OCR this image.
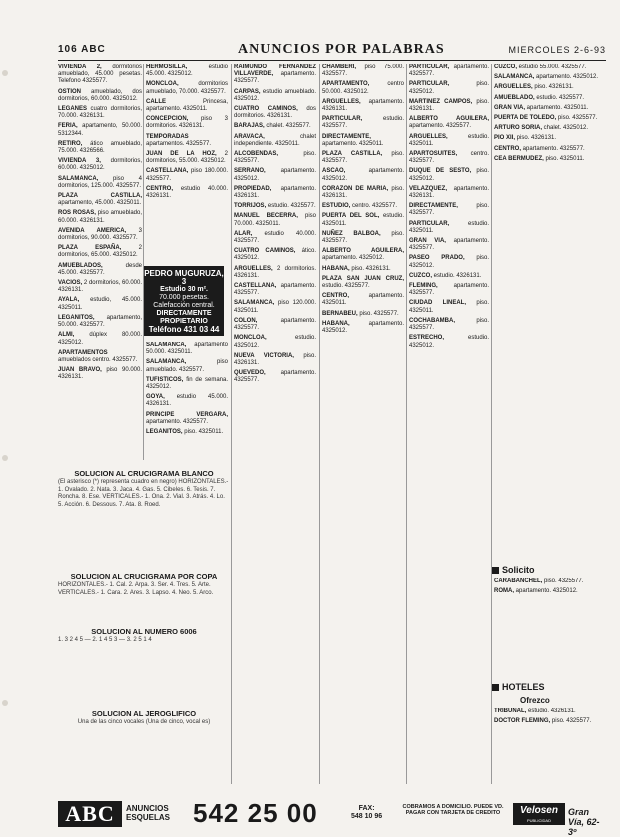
106 ABC	ANUNCIOS POR PALABRAS	MIERCOLES 2-6-93
VIVIENDA 2, dormitorios amueblado, 45.000 pesetas. Telefono 4325577.
OSTION amueblado, dos dormitorios, 60.000. 4325012.
LEGANES cuatro dormitorios, 70.000. 4326131.
FERIA, apartamento, 50.000. 5312344.
RETIRO, ático amueblado, 75.000. 4326566.
VIVIENDA 3, dormitorios, 60.000. 4325012.
SALAMANCA, piso 4 dormitorios, 125.000. 4325577.
PLAZA CASTILLA, apartamento, 45.000. 4325011.
ROS ROSAS, piso amueblado, 60.000. 4326131.
AVENIDA AMERICA, 3 dormitorios, 90.000. 4325577.
PLAZA ESPAÑA, 2 dormitorios, 65.000. 4325012.
AMUEBLADOS, desde 45.000. 4325577.
VACIOS, 2 dormitorios, 60.000. 4326131.
AYALA, estudio, 45.000. 4325011.
LEGANITOS, apartamento, 50.000. 4325577.
ALMI, dúplex 80.000. 4325012.
APARTAMENTOS amueblados centro. 4325577.
JUAN BRAVO, piso 90.000. 4326131.
HERMOSILLA, estudio 45.000. 4325012.
MONCLOA, dormitorios amueblado, 70.000. 4325577.
CALLE Princesa, apartamento. 4325011.
CONCEPCION, piso 3 dormitorios. 4326131.
TEMPORADAS apartamentos. 4325577.
JUAN DE LA HOZ, 2 dormitorios, 55.000. 4325012.
CASTELLANA, piso 180.000. 4325577.
CENTRO, estudio 40.000. 4326131.
RAIMUNDO FERNANDEZ VILLAVERDE, apartamento. 4325577.
CARPAS, estudio amueblado. 4325012.
CUATRO CAMINOS, dos dormitorios. 4326131.
BARAJAS, chalet. 4325577.
ARAVACA, chalet independiente. 4325011.
ALCOBENDAS, piso. 4325577.
SERRANO, apartamento. 4325012.
PROPIEDAD, apartamento. 4326131.
TORRIJOS, estudio. 4325577.
MANUEL BECERRA, piso 70.000. 4325011.
ALAR, estudio 40.000. 4325577.
CUATRO CAMINOS, ático. 4325012.
ARGUELLES, 2 dormitorios. 4326131.
CASTELLANA, apartamento. 4325577.
SALAMANCA, piso 120.000. 4325011.
COLON, apartamento. 4325577.
MONCLOA, estudio. 4325012.
NUEVA VICTORIA, piso. 4326131.
QUEVEDO, apartamento. 4325577.
CHAMBERI, piso 75.000. 4325577.
APARTAMENTO, centro 50.000. 4325012.
ARGUELLES, apartamento. 4326131.
PARTICULAR, estudio. 4325577.
DIRECTAMENTE, apartamento. 4325011.
PLAZA CASTILLA, piso. 4325577.
ASCAO, apartamento. 4325012.
CORAZON DE MARIA, piso. 4326131.
ESTUDIO, centro. 4325577.
PUERTA DEL SOL, estudio. 4325011.
NUÑEZ BALBOA, piso. 4325577.
ALBERTO AGUILERA, apartamento. 4325012.
HABANA, piso. 4326131.
PLAZA SAN JUAN CRUZ, estudio. 4325577.
CENTRO, apartamento. 4325011.
BERNABEU, piso. 4325577.
HABANA, apartamento. 4325012.
PARTICULAR, apartamento. 4325577.
PARTICULAR, piso. 4325012.
MARTINEZ CAMPOS, piso. 4326131.
ALBERTO AGUILERA, apartamento. 4325577.
ARGUELLES, estudio. 4325011.
APARTOSUITES, centro. 4325577.
DUQUE DE SESTO, piso. 4325012.
VELAZQUEZ, apartamento. 4326131.
DIRECTAMENTE, piso. 4325577.
PARTICULAR, estudio. 4325011.
GRAN VIA, apartamento. 4325577.
PASEO PRADO, piso. 4325012.
CUZCO, estudio. 4326131.
FLEMING, apartamento. 4325577.
CIUDAD LINEAL, piso. 4325011.
COCHABAMBA, piso. 4325577.
ESTRECHO, estudio. 4325012.
CUZCO, estudio 55.000. 4325577.
SALAMANCA, apartamento. 4325012.
ARGUELLES, piso. 4326131.
AMUEBLADO, estudio. 4325577.
GRAN VIA, apartamento. 4325011.
PUERTA DE TOLEDO, piso. 4325577.
ARTURO SORIA, chalet. 4325012.
PIO XII, piso. 4326131.
CENTRO, apartamento. 4325577.
CEA BERMUDEZ, piso. 4325011.
PEDRO MUGURUZA, 3
Estudio 30 m².
70.000 pesetas. Calefacción central.
DIRECTAMENTE PROPIETARIO
Teléfono 431 03 44
SALAMANCA, apartamento 50.000. 4325011.
SALAMANCA, piso amueblado. 4325577.
TUFISTICOS, fin de semana. 4325012.
GOYA, estudio 45.000. 4326131.
PRINCIPE VERGARA, apartamento. 4325577.
LEGANITOS, piso. 4325011.
SOLUCION AL CRUCIGRAMA BLANCO
(El asterisco (*) representa cuadro en negro) HORIZONTALES.- 1. Ovalado. 2. Nata. 3. Jaca. 4. Gas. 5. Cibeles. 6. Tesis. 7. Roncha. 8. Ese. VERTICALES.- 1. Ona. 2. Vial. 3. Atrás. 4. Lo. 5. Acción. 6. Dessous. 7. Ata. 8. Roed.
SOLUCION AL CRUCIGRAMA POR COPA
HORIZONTALES.- 1. Cal. 2. Arpa. 3. Ser. 4. Tres. 5. Arte. VERTICALES.- 1. Cara. 2. Ares. 3. Lapso. 4. Neo. 5. Arco.
SOLUCION AL NUMERO 6006
1. 3 2 4 5 — 2. 1 4 5 3 — 3. 2 5 1 4
SOLUCION AL JEROGLIFICO
Una de las cinco vocales (Una de cinco, vocal es)
Solicito
CARABANCHEL, piso. 4325577.
ROMA, apartamento. 4325012.
HOTELES
Ofrezco
TRIBUNAL, estudio. 4326131.
DOCTOR FLEMING, piso. 4325577.
ABC	ANUNCIOS
ESQUELAS 542 25 00	FAX:
548 10 96
COBRAMOS A DOMICILIO. PUEDE VD. PAGAR CON TARJETA DE CREDITO	Velosen
PUBLICIDAD
Gran Vía, 62-3º
